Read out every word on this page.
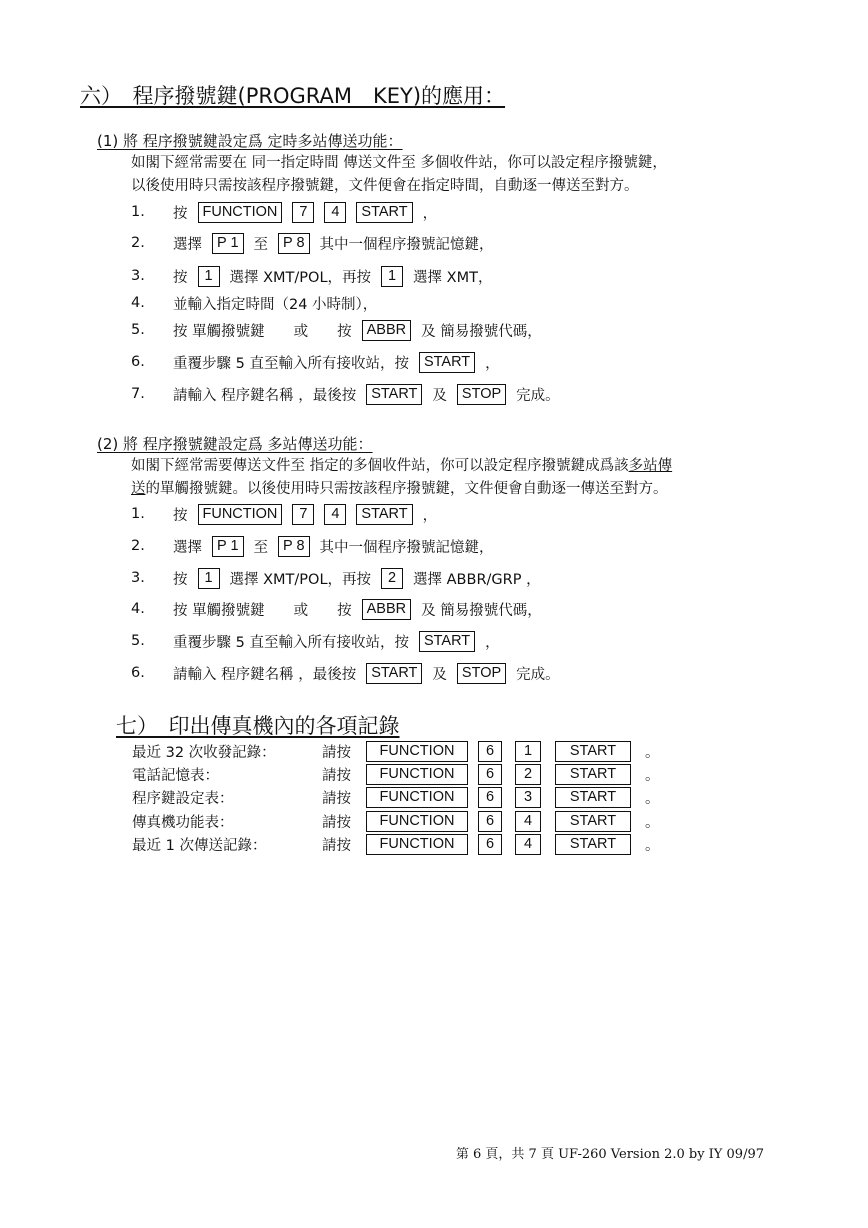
六）　程序撥號鍵(PROGRAM　KEY)的應用：
(1) 將 程序撥號鍵設定爲 定時多站傳送功能：
如閣下經常需要在 同一指定時間 傳送文件至 多個收件站，你可以設定程序撥號鍵，
以後使用時只需按該程序撥號鍵，文件便會在指定時間，自動逐一傳送至對方。
1.	按	FUNCTION	7	4	START	，
2.	選擇	P 1	至	P 8	其中一個程序撥號記憶鍵，
3.	按	1	選擇 XMT/POL，再按	1	選擇 XMT，
4.	並輸入指定時間（24 小時制），
5.	按 單觸撥號鍵　　或　　按	ABBR	及 簡易撥號代碼，
6.	重覆步驟 5 直至輸入所有接收站，按	START	，
7.	請輸入 程序鍵名稱 ，最後按	START	及	STOP	完成。
(2) 將 程序撥號鍵設定爲 多站傳送功能：
如閣下經常需要傳送文件至 指定的多個收件站，你可以設定程序撥號鍵成爲該多站傳
送的單觸撥號鍵。以後使用時只需按該程序撥號鍵，文件便會自動逐一傳送至對方。
1.	按	FUNCTION	7	4	START	，
2.	選擇	P 1	至	P 8	其中一個程序撥號記憶鍵，
3.	按	1	選擇 XMT/POL，再按	2	選擇 ABBR/GRP ，
4.	按 單觸撥號鍵　　或　　按	ABBR	及 簡易撥號代碼，
5.	重覆步驟 5 直至輸入所有接收站，按	START	，
6.	請輸入 程序鍵名稱 ，最後按	START	及	STOP	完成。
七）　印出傳真機內的各項記錄
最近 32 次收發記錄：	請按	FUNCTION	6	1	START	。
電話記憶表：	請按	FUNCTION	6	2	START	。
程序鍵設定表：	請按	FUNCTION	6	3	START	。
傳真機功能表：	請按	FUNCTION	6	4	START	。
最近 1 次傳送記錄：	請按	FUNCTION	6	4	START	。
第 6 頁，共 7 頁 UF-260 Version 2.0 by IY 09/97
